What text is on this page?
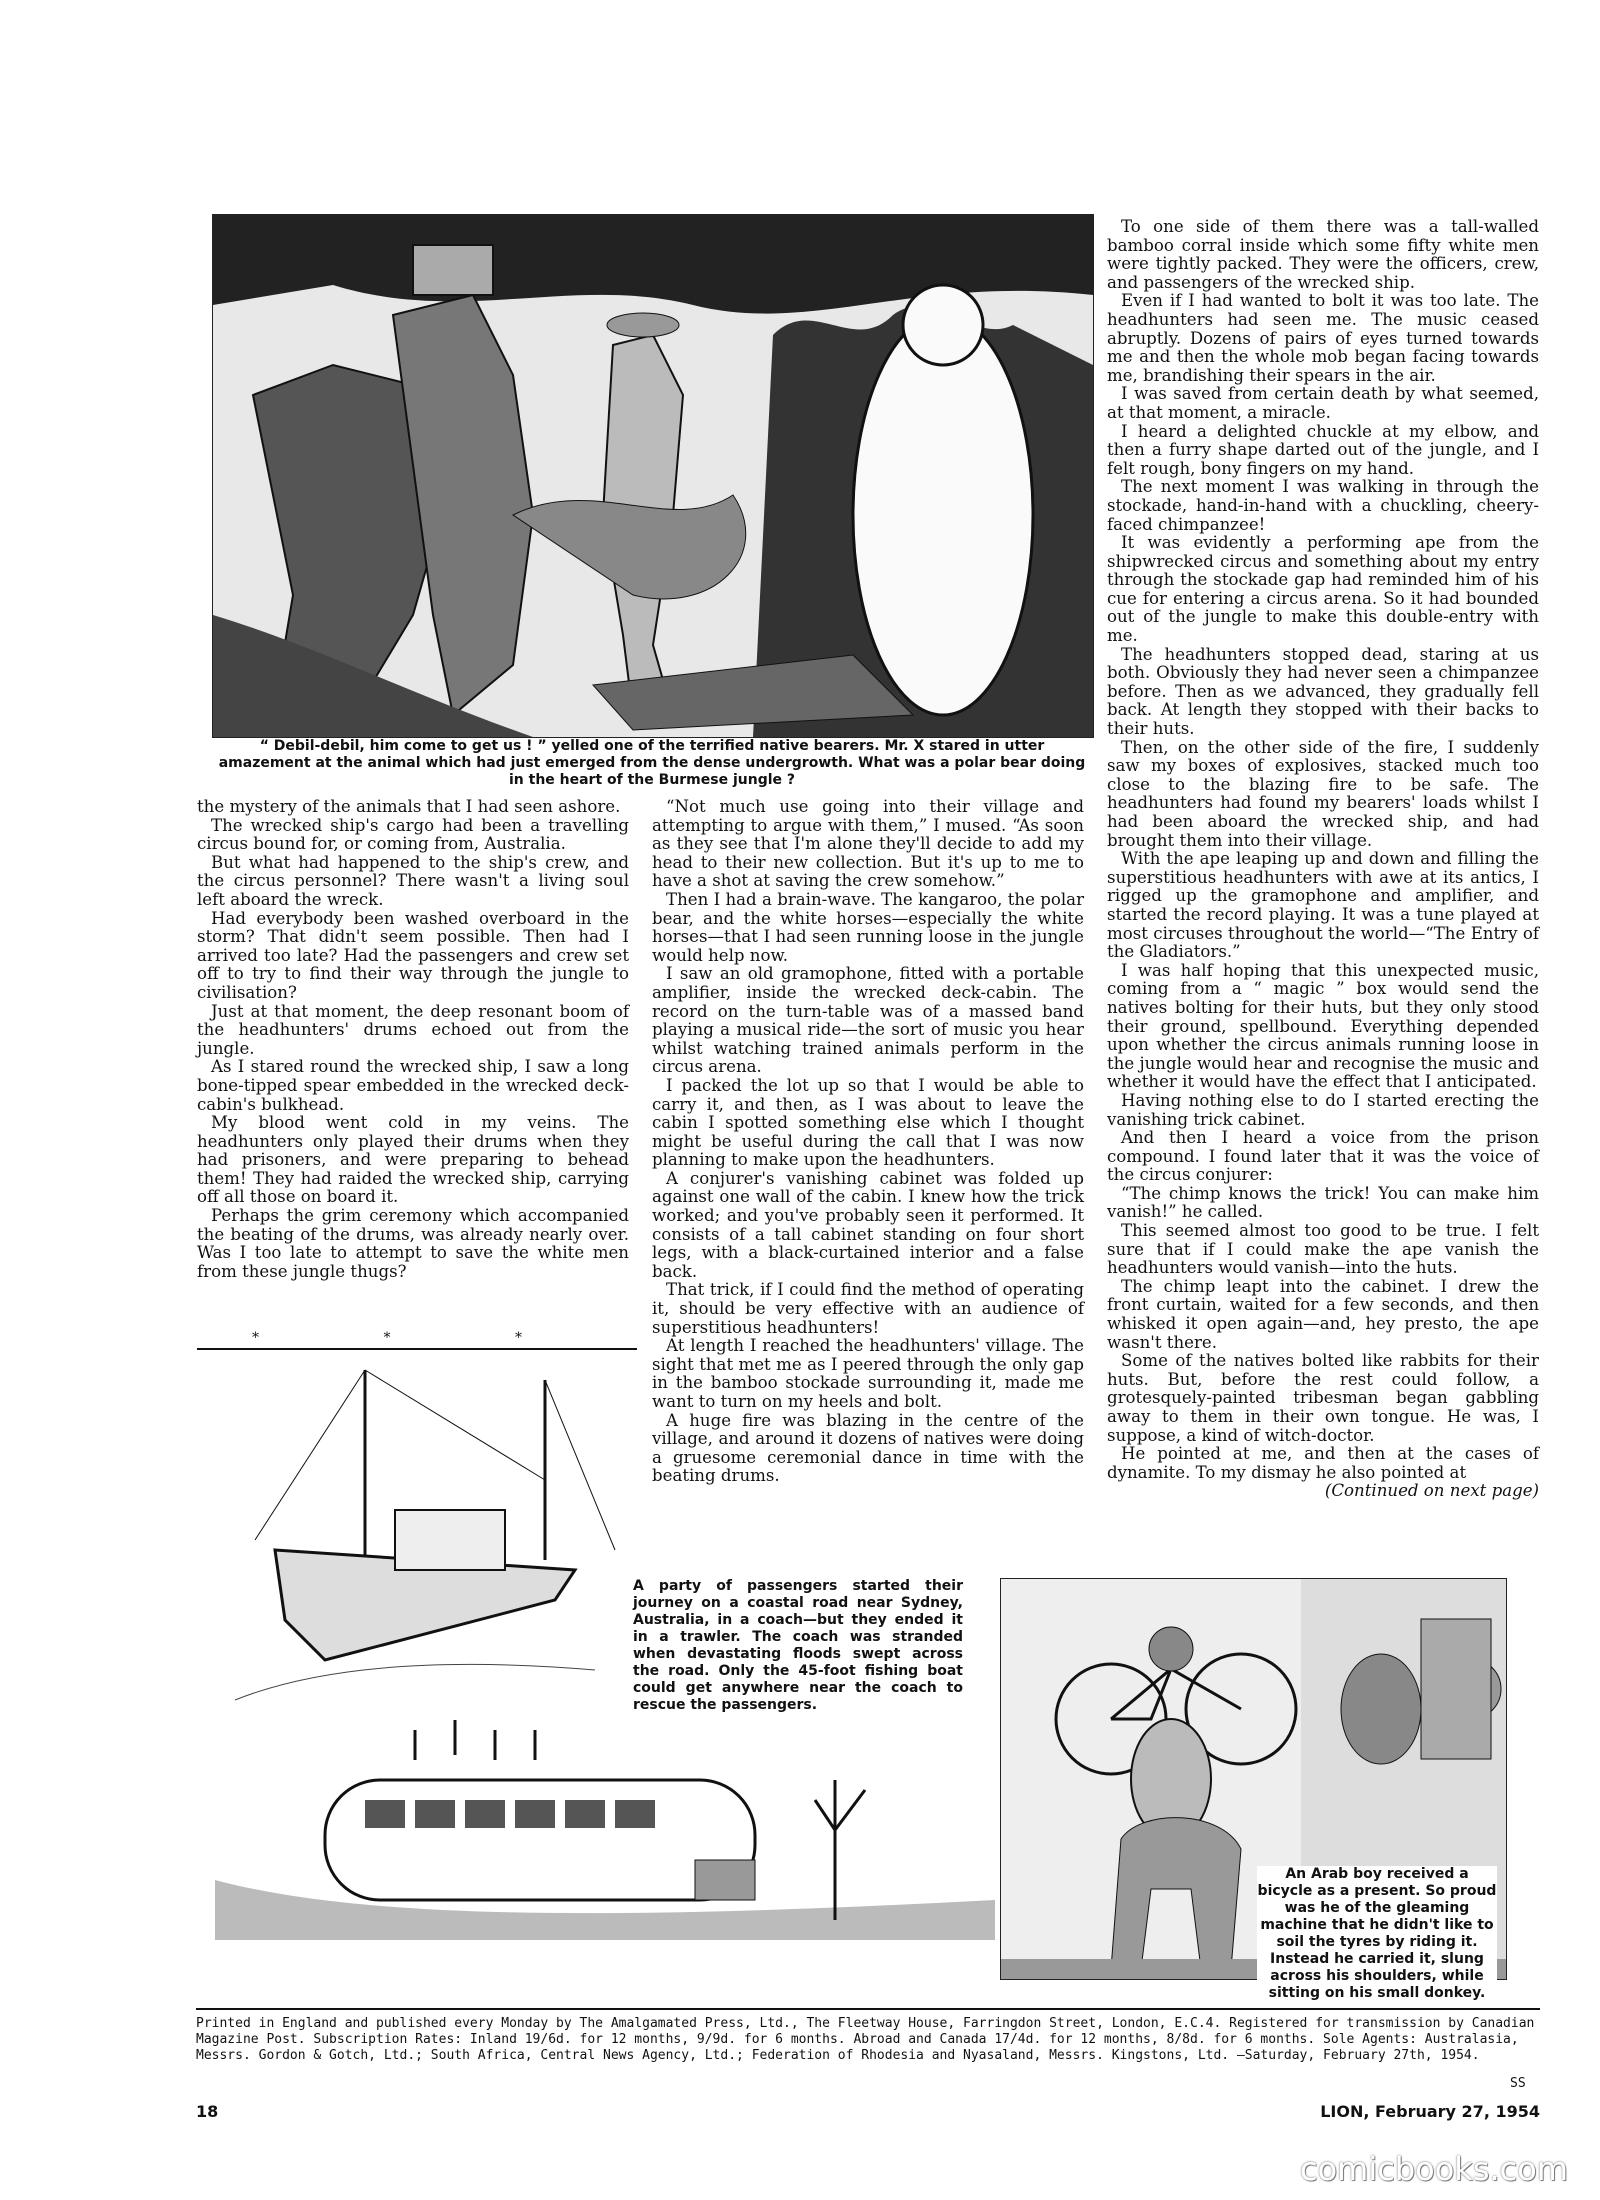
“ Debil-debil, him come to get us ! ” yelled one of the terrified native bearers. Mr. X stared in utter amazement at the animal which had just emerged from the dense undergrowth. What was a polar bear doing in the heart of the Burmese jungle ?

the mystery of the animals that I had seen ashore.

The wrecked ship's cargo had been a travelling circus bound for, or coming from, Australia.

But what had happened to the ship's crew, and the circus personnel? There wasn't a living soul left aboard the wreck.

Had everybody been washed overboard in the storm? That didn't seem possible. Then had I arrived too late? Had the passengers and crew set off to try to find their way through the jungle to civilisation?

Just at that moment, the deep resonant boom of the headhunters' drums echoed out from the jungle.

As I stared round the wrecked ship, I saw a long bone-tipped spear embedded in the wrecked deck-cabin's bulkhead.

My blood went cold in my veins. The headhunters only played their drums when they had prisoners, and were preparing to behead them! They had raided the wrecked ship, carrying off all those on board it.

Perhaps the grim ceremony which accompanied the beating of the drums, was already nearly over. Was I too late to attempt to save the white men from these jungle thugs?

* * *

“Not much use going into their village and attempting to argue with them,” I mused. “As soon as they see that I'm alone they'll decide to add my head to their new collection. But it's up to me to have a shot at saving the crew somehow.”

Then I had a brain-wave. The kangaroo, the polar bear, and the white horses—especially the white horses—that I had seen running loose in the jungle would help now.

I saw an old gramophone, fitted with a portable amplifier, inside the wrecked deck-cabin. The record on the turn-table was of a massed band playing a musical ride—the sort of music you hear whilst watching trained animals perform in the circus arena.

I packed the lot up so that I would be able to carry it, and then, as I was about to leave the cabin I spotted something else which I thought might be useful during the call that I was now planning to make upon the headhunters.

A conjurer's vanishing cabinet was folded up against one wall of the cabin. I knew how the trick worked; and you've probably seen it performed. It consists of a tall cabinet standing on four short legs, with a black-curtained interior and a false back.

That trick, if I could find the method of operating it, should be very effective with an audience of superstitious headhunters!

At length I reached the headhunters' village. The sight that met me as I peered through the only gap in the bamboo stockade surrounding it, made me want to turn on my heels and bolt.

A huge fire was blazing in the centre of the village, and around it dozens of natives were doing a gruesome ceremonial dance in time with the beating drums.

To one side of them there was a tall-walled bamboo corral inside which some fifty white men were tightly packed. They were the officers, crew, and passengers of the wrecked ship.

Even if I had wanted to bolt it was too late. The headhunters had seen me. The music ceased abruptly. Dozens of pairs of eyes turned towards me and then the whole mob began facing towards me, brandishing their spears in the air.

I was saved from certain death by what seemed, at that moment, a miracle.

I heard a delighted chuckle at my elbow, and then a furry shape darted out of the jungle, and I felt rough, bony fingers on my hand.

The next moment I was walking in through the stockade, hand-in-hand with a chuckling, cheery-faced chimpanzee!

It was evidently a performing ape from the shipwrecked circus and something about my entry through the stockade gap had reminded him of his cue for entering a circus arena. So it had bounded out of the jungle to make this double-entry with me.

The headhunters stopped dead, staring at us both. Obviously they had never seen a chimpanzee before. Then as we advanced, they gradually fell back. At length they stopped with their backs to their huts.

Then, on the other side of the fire, I suddenly saw my boxes of explosives, stacked much too close to the blazing fire to be safe. The headhunters had found my bearers' loads whilst I had been aboard the wrecked ship, and had brought them into their village.

With the ape leaping up and down and filling the superstitious headhunters with awe at its antics, I rigged up the gramophone and amplifier, and started the record playing. It was a tune played at most circuses throughout the world—“The Entry of the Gladiators.”

I was half hoping that this unexpected music, coming from a “ magic ” box would send the natives bolting for their huts, but they only stood their ground, spellbound. Everything depended upon whether the circus animals running loose in the jungle would hear and recognise the music and whether it would have the effect that I anticipated.

Having nothing else to do I started erecting the vanishing trick cabinet.

And then I heard a voice from the prison compound. I found later that it was the voice of the circus conjurer:

“The chimp knows the trick! You can make him vanish!” he called.

This seemed almost too good to be true. I felt sure that if I could make the ape vanish the headhunters would vanish—into the huts.

The chimp leapt into the cabinet. I drew the front curtain, waited for a few seconds, and then whisked it open again—and, hey presto, the ape wasn't there.

Some of the natives bolted like rabbits for their huts. But, before the rest could follow, a grotesquely-painted tribesman began gabbling away to them in their own tongue. He was, I suppose, a kind of witch-doctor.

He pointed at me, and then at the cases of dynamite. To my dismay he also pointed at

(Continued on next page)
A party of passengers started their journey on a coastal road near Sydney, Australia, in a coach—but they ended it in a trawler. The coach was stranded when devastating floods swept across the road. Only the 45-foot fishing boat could get anywhere near the coach to rescue the passengers.
An Arab boy received a bicycle as a present. So proud was he of the gleaming machine that he didn't like to soil the tyres by riding it. Instead he carried it, slung across his shoulders, while sitting on his small donkey.
Printed in England and published every Monday by The Amalgamated Press, Ltd., The Fleetway House, Farringdon Street, London, E.C.4. Registered for transmission by Canadian Magazine Post. Subscription Rates: Inland 19/6d. for 12 months, 9/9d. for 6 months. Abroad and Canada 17/4d. for 12 months, 8/8d. for 6 months. Sole Agents: Australasia, Messrs. Gordon & Gotch, Ltd.; South Africa, Central News Agency, Ltd.; Federation of Rhodesia and Nyasaland, Messrs. Kingstons, Ltd. —Saturday, February 27th, 1954.
SS
18	LION, February 27, 1954
comicbooks.com
